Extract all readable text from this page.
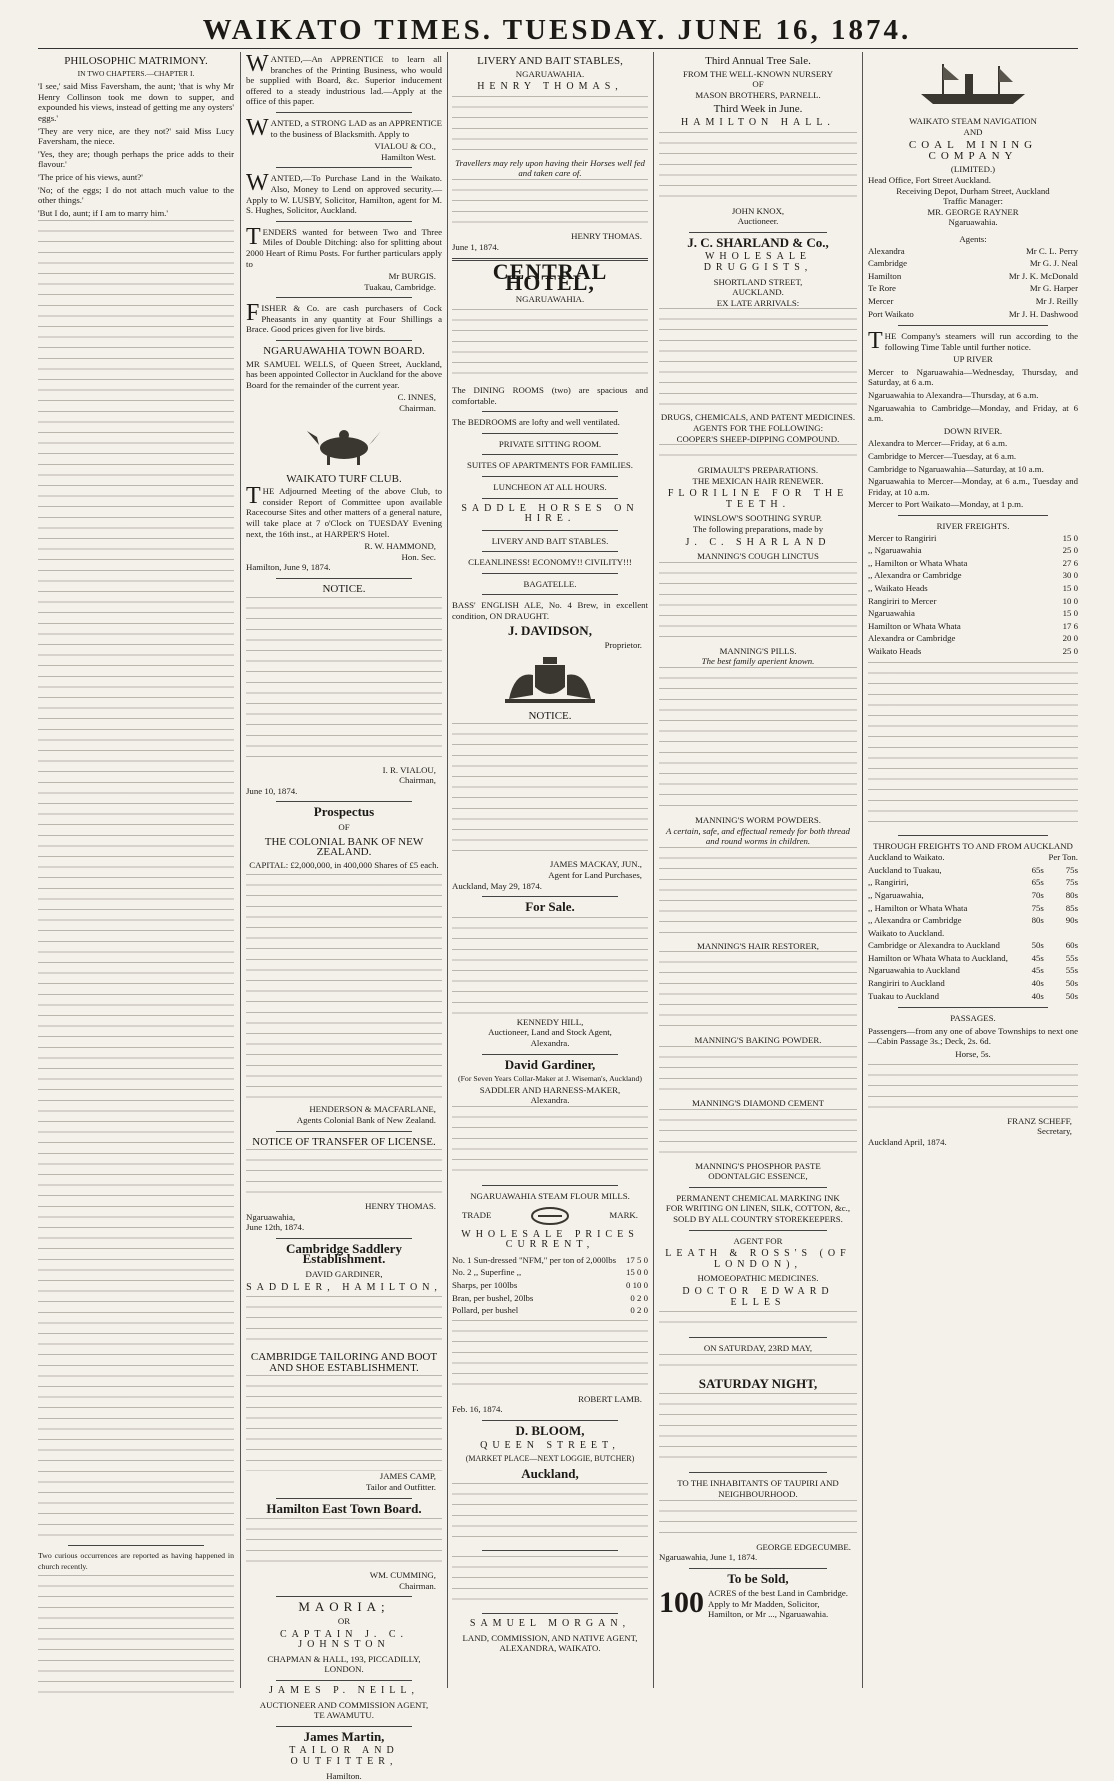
WAIKATO TIMES. TUESDAY. JUNE 16, 1874.
PHILOSOPHIC MATRIMONY.
IN TWO CHAPTERS.—CHAPTER I.

'I see,' said Miss Faversham, the aunt; 'that is why Mr Henry Collinson took me down to supper, and expounded his views, instead of getting me any oysters' eggs.'

'They are very nice, are they not?' said Miss Lucy Faversham, the niece.

'Yes, they are; though perhaps the price adds to their flavour.'

'The price of his views, aunt?'

'No; of the eggs; I do not attach much value to the other things.'

'But I do, aunt; if I am to marry him.'

Two curious occurrences are reported as having happened in church recently.

WANTED,—An APPRENTICE to learn all branches of the Printing Business, who would be supplied with Board, &c. Superior inducement offered to a steady industrious lad.—Apply at the office of this paper.

WANTED, a STRONG LAD as an APPRENTICE to the business of Blacksmith. Apply to

VIALOU & CO.,
Hamilton West.

WANTED,—To Purchase Land in the Waikato. Also, Money to Lend on approved security.—Apply to W. LUSBY, Solicitor, Hamilton, agent for M. S. Hughes, Solicitor, Auckland.

TENDERS wanted for between Two and Three Miles of Double Ditching: also for splitting about 2000 Heart of Rimu Posts. For further particulars apply to

Mr BURGIS.
Tuakau, Cambridge.

FISHER & Co. are cash purchasers of Cock Pheasants in any quantity at Four Shillings a Brace. Good prices given for live birds.

NGARUAWAHIA TOWN BOARD.

MR SAMUEL WELLS, of Queen Street, Auckland, has been appointed Collector in Auckland for the above Board for the remainder of the current year.

C. INNES,
Chairman.
WAIKATO TURF CLUB.

THE Adjourned Meeting of the above Club, to consider Report of Committee upon available Racecourse Sites and other matters of a general nature, will take place at 7 o'Clock on TUESDAY Evening next, the 16th inst., at HARPER'S Hotel.

R. W. HAMMOND,
Hon. Sec.
Hamilton, June 9, 1874.
NOTICE.
I. R. VIALOU,
Chairman,
June 10, 1874.
Prospectus
OF
THE COLONIAL BANK OF NEW ZEALAND.
CAPITAL: £2,000,000, in 400,000 Shares of £5 each.
HENDERSON & MACFARLANE,
Agents Colonial Bank of New Zealand.
NOTICE OF TRANSFER OF LICENSE.
HENRY THOMAS.
Ngaruawahia,
June 12th, 1874.
Cambridge Saddlery Establishment.
DAVID GARDINER,
SADDLER, HAMILTON,
CAMBRIDGE TAILORING AND BOOT AND SHOE ESTABLISHMENT.
JAMES CAMP,
Tailor and Outfitter.
Hamilton East Town Board.
WM. CUMMING,
Chairman.
MAORIA;
OR
CAPTAIN J. C. JOHNSTON
CHAPMAN & HALL, 193, PICCADILLY,
LONDON.
JAMES P. NEILL,
AUCTIONEER AND COMMISSION AGENT,
TE AWAMUTU.
James Martin,
TAILOR AND OUTFITTER,
Hamilton.
LIVERY AND BAIT STABLES,
NGARUAWAHIA.
HENRY THOMAS,
Travellers may rely upon having their Horses well fed and taken care of.
HENRY THOMAS.
June 1, 1874.
CENTRAL HOTEL,
NGARUAWAHIA.

The DINING ROOMS (two) are spacious and comfortable.

The BEDROOMS are lofty and well ventilated.

PRIVATE SITTING ROOM.
SUITES OF APARTMENTS FOR FAMILIES.
LUNCHEON AT ALL HOURS.
SADDLE HORSES ON HIRE.
LIVERY AND BAIT STABLES.
CLEANLINESS! ECONOMY!! CIVILITY!!!
BAGATELLE.

BASS' ENGLISH ALE, No. 4 Brew, in excellent condition, ON DRAUGHT.

J. DAVIDSON,
Proprietor.
NOTICE.
JAMES MACKAY, JUN.,
Agent for Land Purchases,
Auckland, May 29, 1874.
For Sale.
KENNEDY HILL,
Auctioneer, Land and Stock Agent,
Alexandra.
David Gardiner,
(For Seven Years Collar-Maker at J. Wiseman's, Auckland)
SADDLER AND HARNESS-MAKER,
Alexandra.
NGARUAWAHIA STEAM FLOUR MILLS.
TRADE	MARK.
WHOLESALE PRICES CURRENT,
No. 1 Sun-dressed "NFM," per ton of 2,000lbs	17 5 0
No. 2 ,, Superfine ,,	15 0 0
Sharps, per 100lbs	0 10 0
Bran, per bushel, 20lbs	0 2 0
Pollard, per bushel	0 2 0
ROBERT LAMB.
Feb. 16, 1874.
D. BLOOM,
QUEEN STREET,
(MARKET PLACE—NEXT LOGGIE, BUTCHER)
Auckland,
SAMUEL MORGAN,
LAND, COMMISSION, AND NATIVE AGENT,
ALEXANDRA, WAIKATO.
Third Annual Tree Sale.
FROM THE WELL-KNOWN NURSERY
OF
MASON BROTHERS, PARNELL.
Third Week in June.
HAMILTON HALL.
JOHN KNOX,
Auctioneer.
J. C. SHARLAND & Co.,
WHOLESALE DRUGGISTS,
SHORTLAND STREET,
AUCKLAND.
EX LATE ARRIVALS:
DRUGS, CHEMICALS, AND PATENT MEDICINES.
AGENTS FOR THE FOLLOWING:
COOPER'S SHEEP-DIPPING COMPOUND.
GRIMAULT'S PREPARATIONS.
THE MEXICAN HAIR RENEWER.
FLORILINE FOR THE TEETH.
WINSLOW'S SOOTHING SYRUP.
The following preparations, made by
J. C. SHARLAND
MANNING'S COUGH LINCTUS
MANNING'S PILLS.
The best family aperient known.
MANNING'S WORM POWDERS.
A certain, safe, and effectual remedy for both thread and round worms in children.
MANNING'S HAIR RESTORER,
MANNING'S BAKING POWDER.
MANNING'S DIAMOND CEMENT
MANNING'S PHOSPHOR PASTE
ODONTALGIC ESSENCE,
PERMANENT CHEMICAL MARKING INK
FOR WRITING ON LINEN, SILK, COTTON, &c.,
SOLD BY ALL COUNTRY STOREKEEPERS.
AGENT FOR
LEATH & ROSS'S (OF LONDON),
HOMOEOPATHIC MEDICINES.
DOCTOR EDWARD ELLES
ON SATURDAY, 23RD MAY,
SATURDAY NIGHT,
TO THE INHABITANTS OF TAUPIRI AND NEIGHBOURHOOD.
GEORGE EDGECUMBE.
Ngaruawahia, June 1, 1874.
To be Sold,
100 ACRES of the best Land in Cambridge. Apply to Mr Madden, Solicitor, Hamilton, or Mr ..., Ngaruawahia.
WAIKATO STEAM NAVIGATION
AND
COAL MINING COMPANY
(LIMITED.)
Head Office, Fort Street Auckland.
Receiving Depot, Durham Street, Auckland
Traffic Manager:
MR. GEORGE RAYNER
Ngaruawahia.
Agents:
Alexandra	Mr C. L. Perry
Cambridge	Mr G. J. Neal
Hamilton	Mr J. K. McDonald
Te Rore	Mr G. Harper
Mercer	Mr J. Reilly
Port Waikato	Mr J. H. Dashwood

THE Company's steamers will run according to the following Time Table until further notice.

UP RIVER

Mercer to Ngaruawahia—Wednesday, Thursday, and Saturday, at 6 a.m.

Ngaruawahia to Alexandra—Thursday, at 6 a.m.

Ngaruawahia to Cambridge—Monday, and Friday, at 6 a.m.

DOWN RIVER.

Alexandra to Mercer—Friday, at 6 a.m.

Cambridge to Mercer—Tuesday, at 6 a.m.

Cambridge to Ngaruawahia—Saturday, at 10 a.m.

Ngaruawahia to Mercer—Monday, at 6 a.m., Tuesday and Friday, at 10 a.m.

Mercer to Port Waikato—Monday, at 1 p.m.

RIVER FREIGHTS.
Mercer to Rangiriri	15 0
,, Ngaruawahia	25 0
,, Hamilton or Whata Whata	27 6
,, Alexandra or Cambridge	30 0
,, Waikato Heads	15 0
Rangiriri to Mercer	10 0
Ngaruawahia	15 0
Hamilton or Whata Whata	17 6
Alexandra or Cambridge	20 0
Waikato Heads	25 0
THROUGH FREIGHTS TO AND FROM AUCKLAND
Auckland to Waikato.		Per Ton.
Auckland to Tuakau,	65s	75s
,, Rangiriri,	65s	75s
,, Ngaruawahia,	70s	80s
,, Hamilton or Whata Whata	75s	85s
,, Alexandra or Cambridge	80s	90s
Waikato to Auckland.		
Cambridge or Alexandra to Auckland	50s	60s
Hamilton or Whata Whata to Auckland,	45s	55s
Ngaruawahia to Auckland	45s	55s
Rangiriri to Auckland	40s	50s
Tuakau to Auckland	40s	50s
PASSAGES.

Passengers—from any one of above Townships to next one—Cabin Passage 3s.; Deck, 2s. 6d.

Horse, 5s.
FRANZ SCHEFF,
Secretary,
Auckland April, 1874.
